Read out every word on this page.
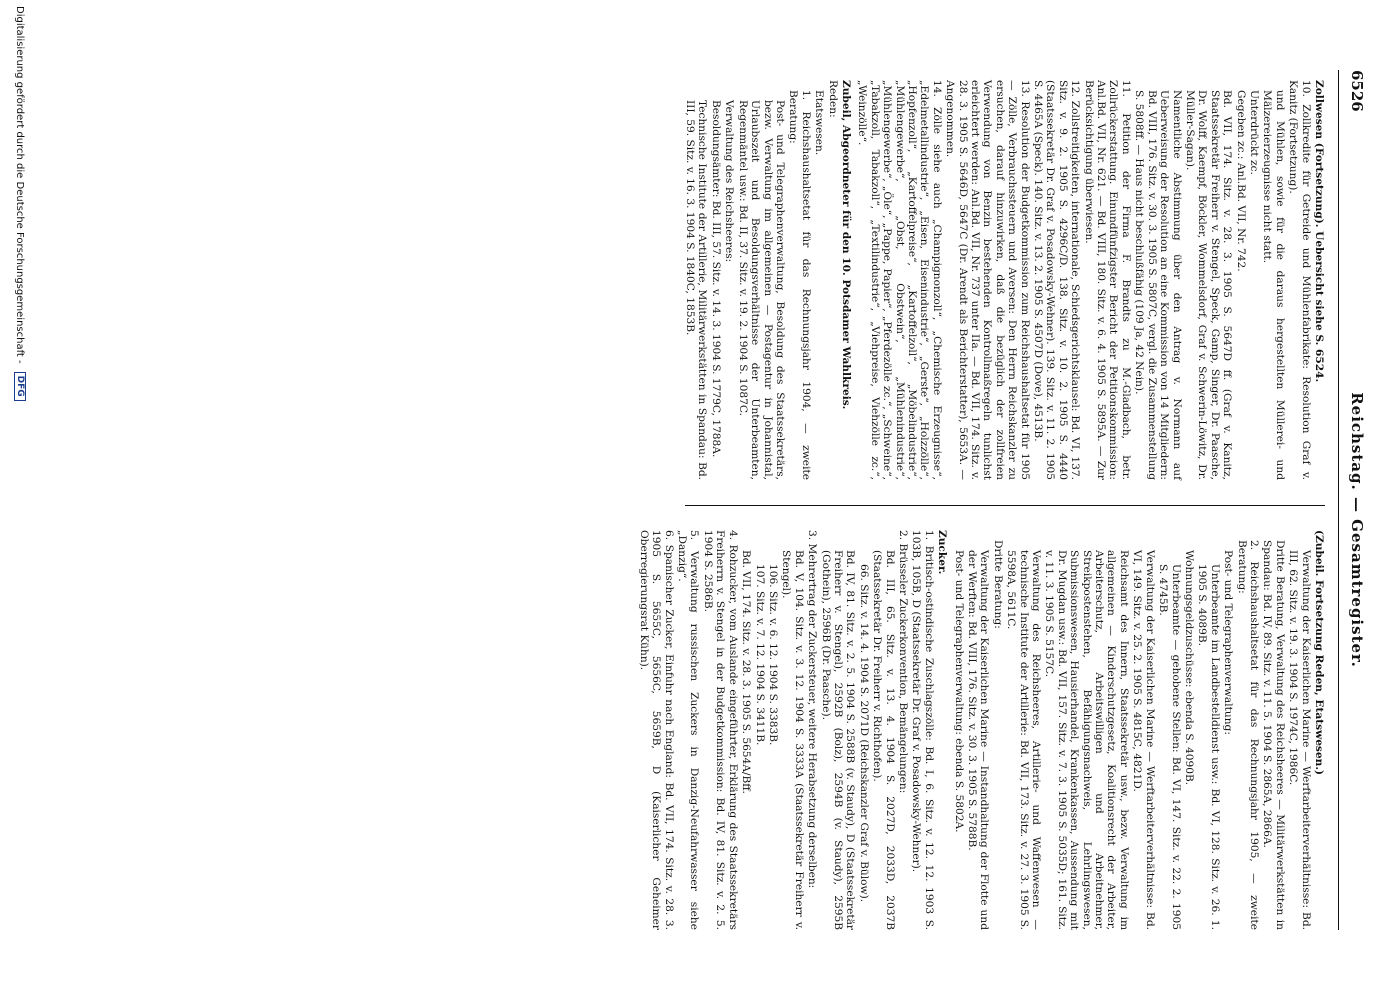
6526
Reichstag. — Gesamtregister.
Zollwesen (Fortsetzung). Uebersicht siehe S. 6524.
10. Zollkredite für Getreide und Mühlenfabrikate: Resolution Graf v. Kanitz (Fortsetzung).
und Mühlen, sowie für die daraus hergestellten Müllerei- und Mälzereierzeugnisse nicht statt.
Unterdrückt zc.
Gegeben zc.: Anl.Bd. VII, Nr. 742.
Bd. VII, 174. Sitz. v. 28. 3. 1905 S. 5647D ff. (Graf v. Kanitz, Staatssekretär Freiherr v. Stengel, Speck, Gamp, Singer, Dr. Paasche, Dr. Wolff, Kaempf, Böckler, Wommelsdorf, Graf v. Schwerin-Löwitz, Dr. Müller-Sagan).
Namentliche Abstimmung über den Antrag v. Normann auf Ueberweisung der Resolution an eine Kommission von 14 Mitgliedern: Bd. VIII, 176. Sitz. v. 30. 3. 1905 S. 5807C, vergl. die Zusammenstellung S. 5808ff. — Haus nicht beschlußfähig (109 Ja, 42 Nein).
11. Petition der Firma F. Brandts zu M.-Gladbach, betr. Zollrückerstattung. Einundfünfzigster Bericht der Petitionskommission: Anl.Bd. VII, Nr. 621. — Bd. VIII, 180. Sitz. v. 6. 4. 1905 S. 5895A. — Zur Berücksichtigung überwiesen.
12. Zollstreitigkeiten, internationale, Schiedsgerichtsklausel: Bd. VI, 137. Sitz. v. 9. 2. 1905 S. 4296C/D. 138. Sitz. v. 10. 2. 1905 S. 4440 (Staatssekretär Dr. Graf v. Posadowsky-Wehner). 139. Sitz. v. 11. 2. 1905 S. 4465A (Speck). 140. Sitz. v. 13. 2. 1905 S. 4507D (Dove), 4513B.
13. Resolution der Budgetkommission zum Reichshaushaltsetat für 1905 — Zölle, Verbrauchssteuern und Aversen: Den Herrn Reichskanzler zu ersuchen, darauf hinzuwirken, daß die bezüglich der zollfreien Verwendung von Benzin bestehenden Kontrollmaßregeln tunlichst erleichtert werden: Anl.Bd. VII, Nr. 737 unter IIa. — Bd. VII, 174. Sitz. v. 28. 3. 1905 S. 5646D, 5647C (Dr. Arendt als Berichterstatter), 5653A. — Angenommen.
14. Zölle siehe auch „Champignonzoll“, „Chemische Erzeugnisse“, „Edelmetallindustrie“, „Eisen, Eisenindustrie“, „Gerste“, „Holzzölle“, „Hopfenzoll“, „Kartoffelpreise“, „Kartoffelzoll“, „Möbelindustrie“, „Mühlengewerbe“, „Obst, Obstwein“, „Mühlenindustrie“, „Mühlengewerbe“, „Öle“, „Pappe, Papier“, „Pferdezölle zc.“, „Schweine“, „Tabakzoll, Tabakzoll“, „Textilindustrie“, „Viehpreise, Viehzölle zc.“, „Weinzölle“.
Zubeil, Abgeordneter für den 10. Potsdamer Wahlkreis.
Reden:
Etatswesen.
1. Reichshaushaltsetat für das Rechnungsjahr 1904, — zweite Beratung:
Post- und Telegraphenverwaltung, Besoldung des Staatssekretärs, bezw. Verwaltung im allgemeinen — Postagentur in Johannistal, Urlaubszeit und Besoldungsverhältnisse der Unterbeamten, Regenmäntel usw.: Bd. II, 37. Sitz. v. 19. 2. 1904 S. 1087C.
Verwaltung des Reichsheeres:
Besoldungsämter: Bd. III, 57. Sitz. v. 14. 3. 1904 S. 1779C, 1788A.
Technische Institute der Artillerie, Militärwerkstätten in Spandau: Bd. III, 59. Sitz. v. 16. 3. 1904 S. 1840C, 1853B.
(Zubeil. Fortsetzung Reden, Etatswesen.)
Verwaltung der Kaiserlichen Marine — Werftarbeiterverhältnisse: Bd. III, 62. Sitz. v. 19. 3. 1904 S. 1974C, 1986C.
Dritte Beratung, Verwaltung des Reichsheeres — Militärwerkstätten in Spandau: Bd. IV, 89. Sitz. v. 11. 5. 1904 S. 2865A, 2866A.
2. Reichshaushaltsetat für das Rechnungsjahr 1905, — zweite Beratung:
Post- und Telegraphenverwaltung:
Unterbeamte im Landbestelldienst usw.: Bd. VI, 128. Sitz. v. 26. 1. 1905 S. 4089B.
Wohnungsgeldzuschüsse: ebenda S. 4090B.
Unterbeamte — gehobene Stellen: Bd. VI, 147. Sitz. v. 22. 2. 1905 S. 4745B.
Verwaltung der Kaiserlichen Marine — Werftarbeiterverhältnisse: Bd. VI, 149. Sitz. v. 25. 2. 1905 S. 4815C, 4821D.
Reichsamt des Innern, Staatssekretär usw., bezw. Verwaltung im allgemeinen — Kinderschutzgesetz, Koalitionsrecht der Arbeiter, Arbeiterschutz, Arbeitswilligen und Arbeitnehmer, Streikpostenstehen, Befähigungsnachweis, Lehrlingswesen, Submissionswesen, Hausierhandel, Krankenkassen, Aussendung mit Dr. Mugdan usw.: Bd. VII, 157. Sitz. v. 7. 3. 1905 S. 5035D; 161. Sitz. v. 11. 3. 1905 S. 5157C.
Verwaltung des Reichsheeres, Artillerie- und Waffenwesen — technische Institute der Artillerie: Bd. VII, 173. Sitz. v. 27. 3. 1905 S. 5598A, 5611C.
Dritte Beratung:
Verwaltung der Kaiserlichen Marine — Instandhaltung der Flotte und der Werften: Bd. VIII, 176. Sitz. v. 30. 3. 1905 S. 5788B.
Post- und Telegraphenverwaltung: ebenda S. 5802A.
Zucker.
1. Britisch-ostindische Zuschlagszölle: Bd. I, 6. Sitz. v. 12. 12. 1903 S. 103B, 105B, D (Staatssekretär Dr. Graf v. Posadowsky-Wehner).
2. Brüsseler Zuckerkonvention, Bemängelungen:
Bd. III, 65. Sitz. v. 13. 4. 1904 S. 2027D, 2033D, 2037B (Staatssekretär Dr. Freiherr v. Richthofen).
66. Sitz. v. 14. 4. 1904 S. 2071D (Reichskanzler Graf v. Bülow).
Bd. IV, 81. Sitz. v. 2. 5. 1904 S. 2588B (v. Staudy), D (Staatssekretär Freiherr v. Stengel), 2592B (Bolz), 2594B (v. Staudy), 2595B (Gothein), 2596B (Dr. Paasche).
3. Mehrertrag der Zuckersteuer, weitere Herabsetzung derselben:
Bd. V, 104. Sitz. v. 3. 12. 1904 S. 3333A (Staatssekretär Freiherr v. Stengel).
106. Sitz. v. 6. 12. 1904 S. 3383B.
107. Sitz. v. 7. 12. 1904 S. 3411B.
Bd. VII, 174. Sitz. v. 28. 3. 1905 S. 5654A/Bff.
4. Rohzucker, vom Auslande eingeführter, Erklärung des Staatssekretärs Freiherrn v. Stengel in der Budgetkommission: Bd. IV, 81. Sitz. v. 2. 5. 1904 S. 2586B.
5. Verwaltung russischen Zuckers in Danzig-Neufahrwasser siehe „Danzig“.
6. Spanischer Zucker, Einfuhr nach England: Bd. VII, 174. Sitz. v. 28. 3. 1905 S. 5655C, 5656C, 5659B, D (Kaiserlicher Geheimer Oberregierungsrat Kühn).
Digitalisierung gefördert durch die Deutsche Forschungsgemeinschaft -
DFG
